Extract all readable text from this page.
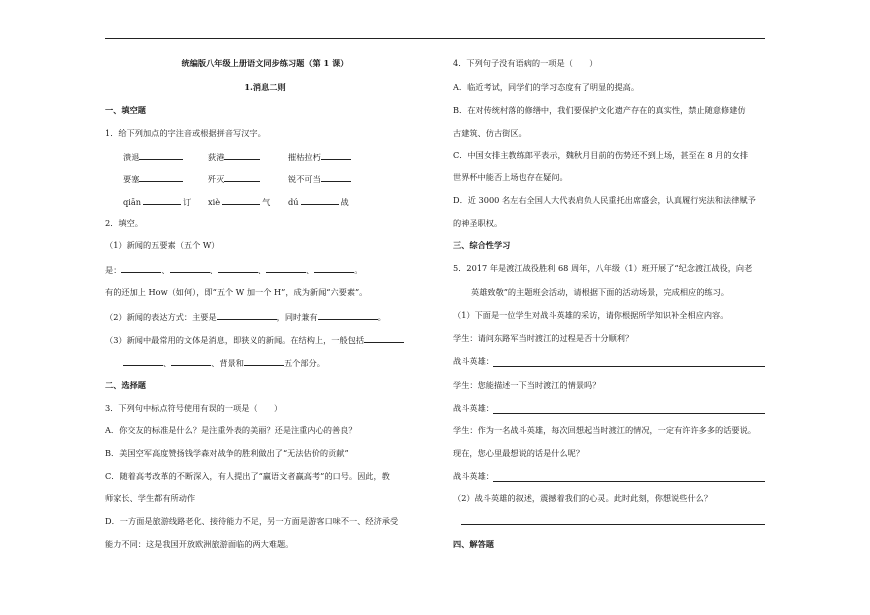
统编版八年级上册语文同步练习题（第 1 课）
1.消息二则
一、填空题
1．给下列加点的字注音或根据拼音写汉字。
溃退	荻港	摧枯拉朽
要塞	歼灭	锐不可当
qiān	订 xiè	气 dú	战
2．填空。
（1）新闻的五要素（五个 W）
是：	、	、	、	、	。
有的还加上 How（如何），即“五个 W 加一个 H”，成为新闻“六要素”。
（2）新闻的表达方式：主要是	，同时兼有	。
（3）新闻中最常用的文体是消息，即狭义的新闻。在结构上，一般包括
、	、背景和	五个部分。
二、选择题
3．下列句中标点符号使用有误的一项是（　　）
A．你交友的标准是什么？是注重外表的美丽？还是注重内心的善良？
B．美国空军高度赞扬钱学森对战争的胜利做出了“无法估价的贡献”
C．随着高考改革的不断深入，有人提出了“赢语文者赢高考”的口号。因此，教
师家长、学生都有所动作
D．一方面是旅游线路老化、接待能力不足，另一方面是游客口味不一、经济承受
能力不同：这是我国开放欧洲旅游面临的两大难题。
4．下列句子没有语病的一项是（　　）
A．临近考试，同学们的学习态度有了明显的提高。
B．在对传统村落的修缮中，我们要保护文化遗产存在的真实性，禁止随意修建仿
古建筑、仿古街区。
C．中国女排主教练郎平表示，魏秋月目前的伤势还不到上场，甚至在 8 月的女排
世界杯中能否上场也存在疑问。
D．近 3000 名左右全国人大代表肩负人民重托出席盛会，认真履行宪法和法律赋予
的神圣职权。
三、综合性学习
5．2017 年是渡江战役胜利 68 周年，八年级（1）班开展了“纪念渡江战役，向老
英雄致敬”的主题班会活动，请根据下面的活动场景，完成相应的练习。
（1）下面是一位学生对战斗英雄的采访，请你根据所学知识补全相应内容。
学生：请问东路军当时渡江的过程是否十分顺利？
战斗英雄：
学生：您能描述一下当时渡江的情景吗？
战斗英雄：
学生：作为一名战斗英雄，每次回想起当时渡江的情况，一定有许许多多的话要说。
现在，您心里最想说的话是什么呢？
战斗英雄：
（2）战斗英雄的叙述，震撼着我们的心灵。此时此刻，你想说些什么？
四、解答题
